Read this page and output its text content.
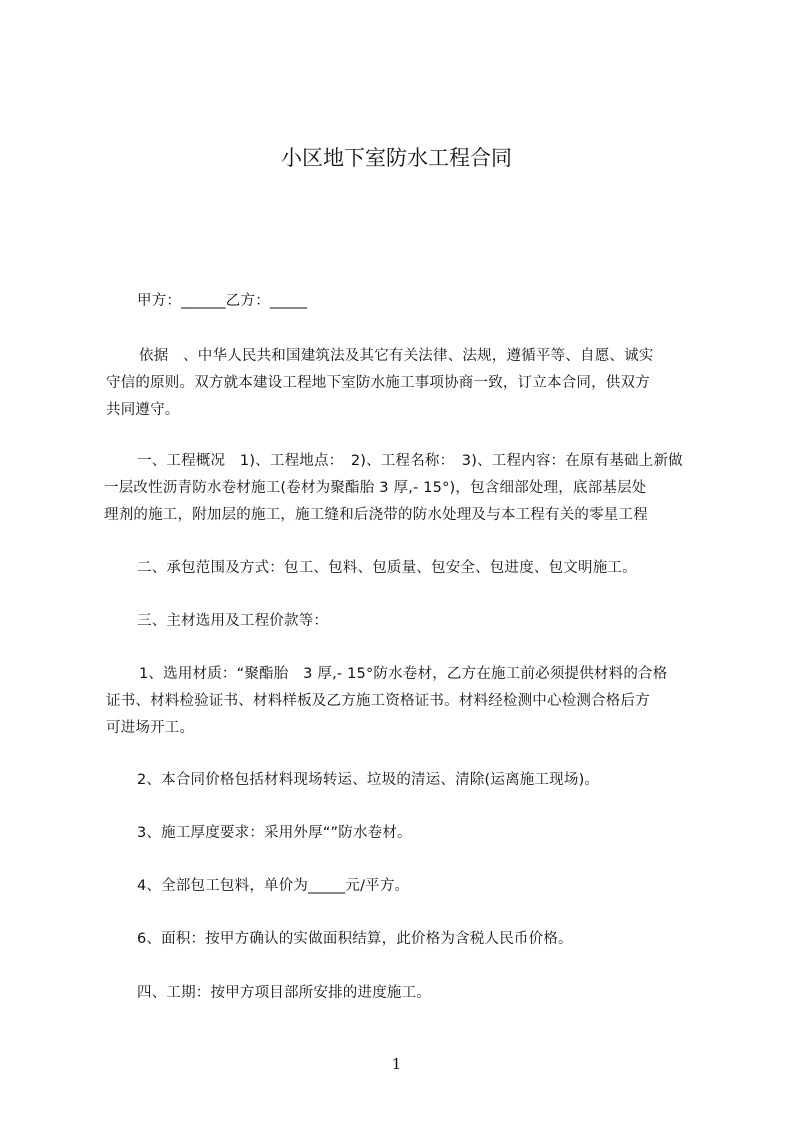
小区地下室防水工程合同
甲方：______乙方：_____
依据　、中华人民共和国建筑法及其它有关法律、法规，遵循平等、自愿、诚实
守信的原则。双方就本建设工程地下室防水施工事项协商一致，订立本合同，供双方
共同遵守。
一、工程概况　1)、工程地点：　2)、工程名称：　3)、工程内容：在原有基础上新做
一层改性沥青防水卷材施工(卷材为聚酯胎 3 厚,- 15°)，包含细部处理，底部基层处
理剂的施工，附加层的施工，施工缝和后浇带的防水处理及与本工程有关的零星工程
二、承包范围及方式：包工、包料、包质量、包安全、包进度、包文明施工。
三、主材选用及工程价款等：
1、选用材质：“聚酯胎　3 厚,- 15°防水卷材，乙方在施工前必须提供材料的合格
证书、材料检验证书、材料样板及乙方施工资格证书。材料经检测中心检测合格后方
可进场开工。
2、本合同价格包括材料现场转运、垃圾的清运、清除(运离施工现场)。
3、施工厚度要求：采用外厚“”防水卷材。
4、全部包工包料，单价为_____元/平方。
6、面积：按甲方确认的实做面积结算，此价格为含税人民币价格。
四、工期：按甲方项目部所安排的进度施工。
1
